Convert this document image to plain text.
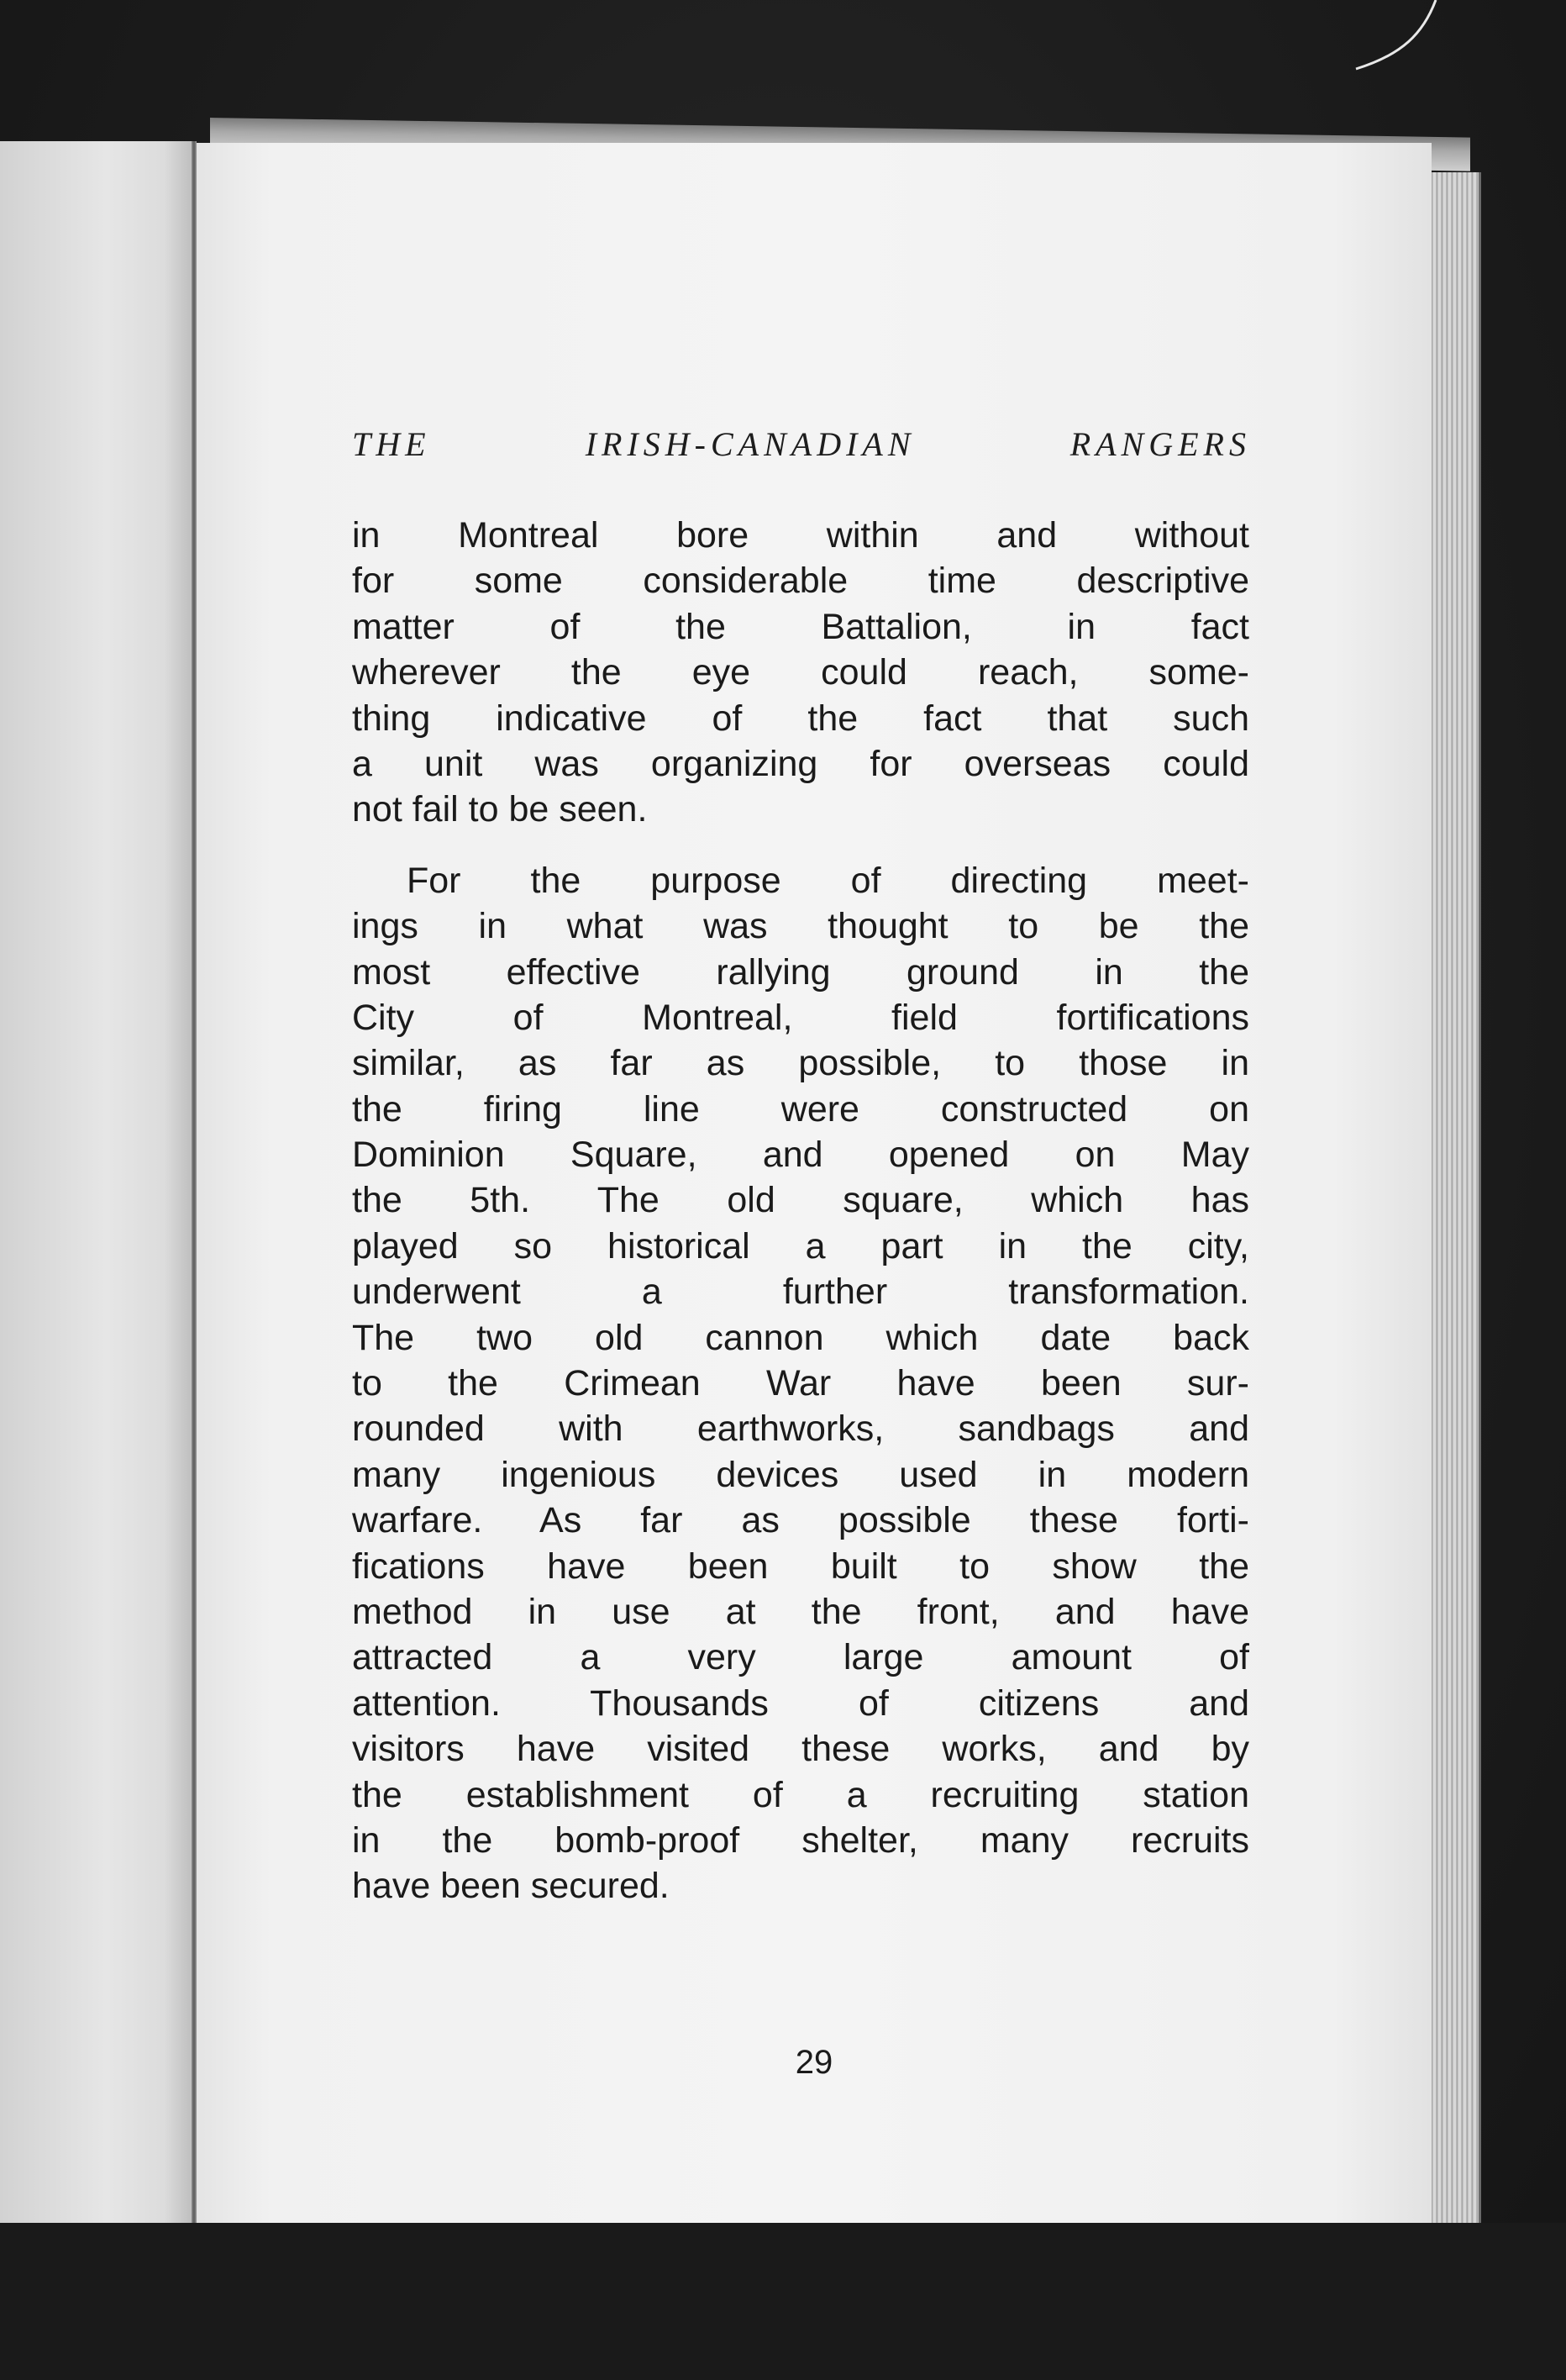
THE IRISH-CANADIAN RANGERS
in Montreal bore within and without
for some considerable time descriptive
matter of the Battalion, in fact
wherever the eye could reach, some-
thing indicative of the fact that such
a unit was organizing for overseas could
not fail to be seen.
For the purpose of directing meet-
ings in what was thought to be the
most effective rallying ground in the
City of Montreal, field fortifications
similar, as far as possible, to those in
the firing line were constructed on
Dominion Square, and opened on May
the 5th. The old square, which has
played so historical a part in the city,
underwent a further transformation.
The two old cannon which date back
to the Crimean War have been sur-
rounded with earthworks, sandbags and
many ingenious devices used in modern
warfare. As far as possible these forti-
fications have been built to show the
method in use at the front, and have
attracted a very large amount of
attention. Thousands of citizens and
visitors have visited these works, and by
the establishment of a recruiting station
in the bomb-proof shelter, many recruits
have been secured.
29
